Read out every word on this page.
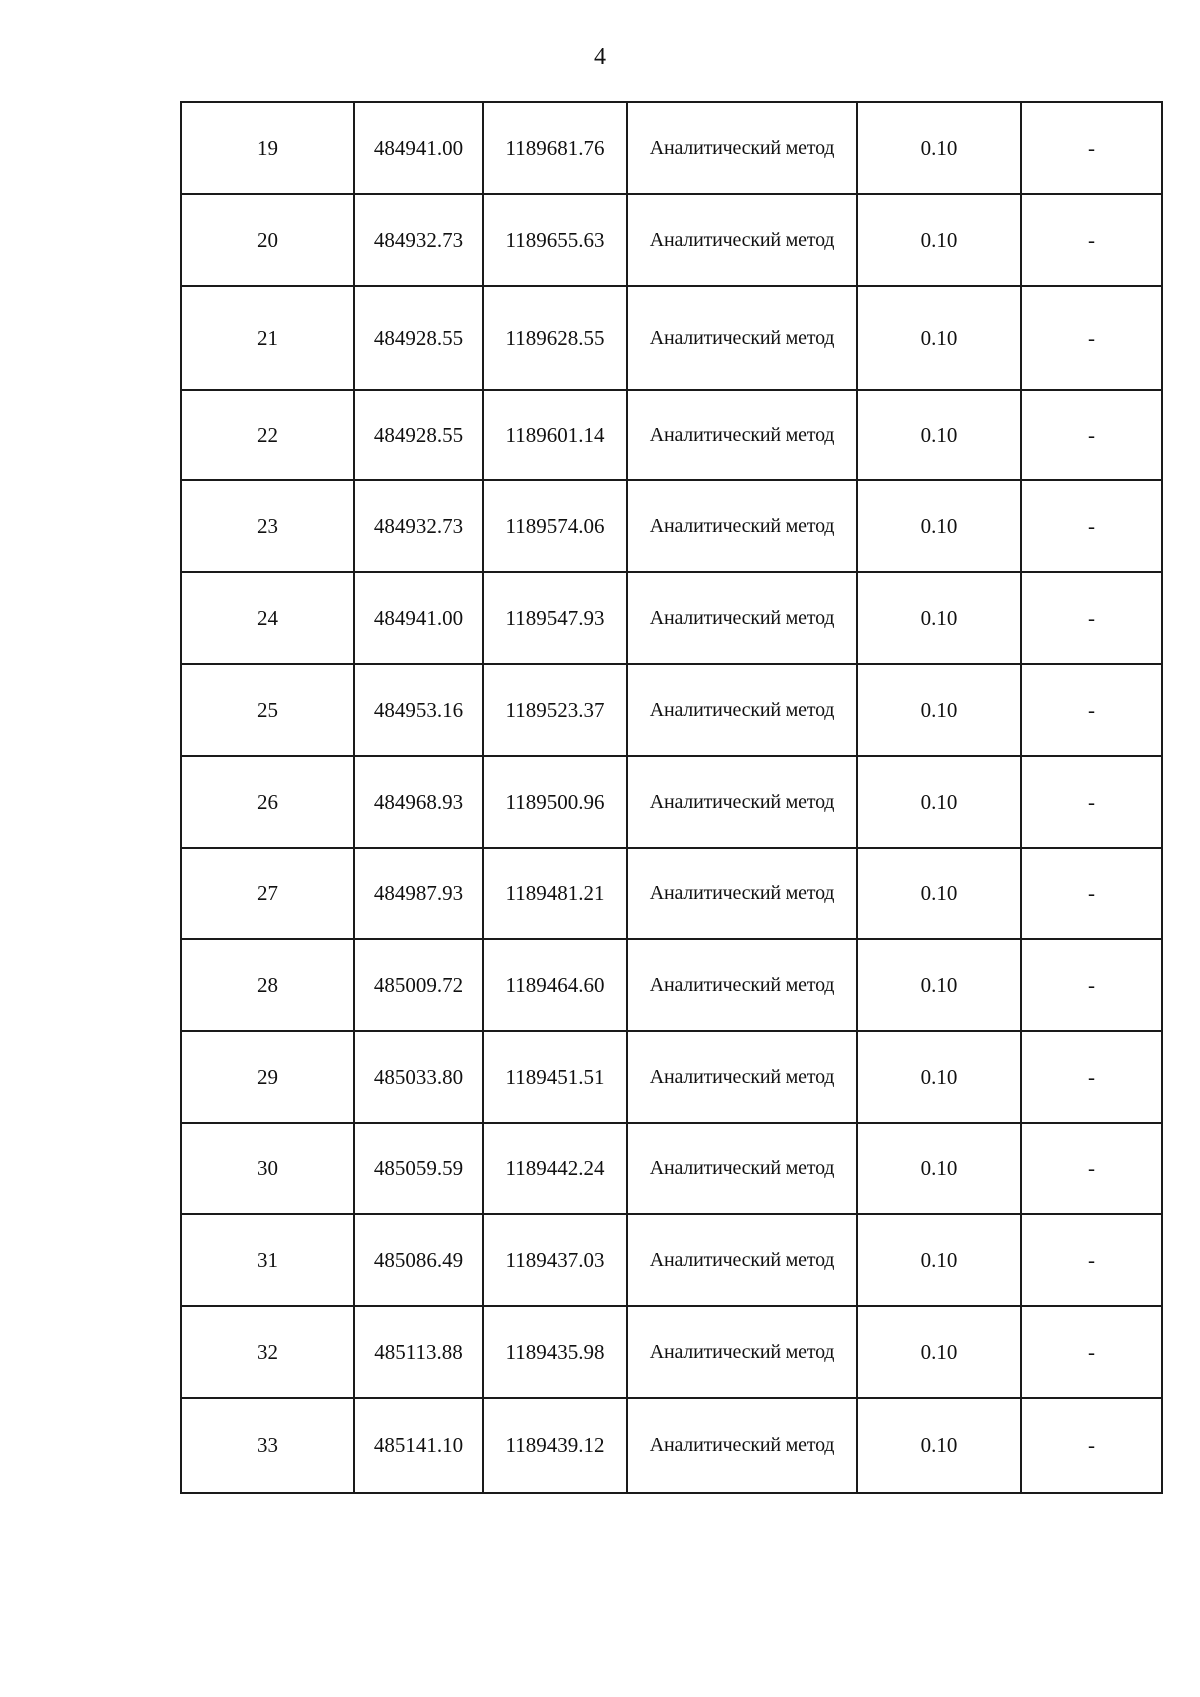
4
19	484941.00	1189681.76	Аналитический метод	0.10	-
20	484932.73	1189655.63	Аналитический метод	0.10	-
21	484928.55	1189628.55	Аналитический метод	0.10	-
22	484928.55	1189601.14	Аналитический метод	0.10	-
23	484932.73	1189574.06	Аналитический метод	0.10	-
24	484941.00	1189547.93	Аналитический метод	0.10	-
25	484953.16	1189523.37	Аналитический метод	0.10	-
26	484968.93	1189500.96	Аналитический метод	0.10	-
27	484987.93	1189481.21	Аналитический метод	0.10	-
28	485009.72	1189464.60	Аналитический метод	0.10	-
29	485033.80	1189451.51	Аналитический метод	0.10	-
30	485059.59	1189442.24	Аналитический метод	0.10	-
31	485086.49	1189437.03	Аналитический метод	0.10	-
32	485113.88	1189435.98	Аналитический метод	0.10	-
33	485141.10	1189439.12	Аналитический метод	0.10	-
